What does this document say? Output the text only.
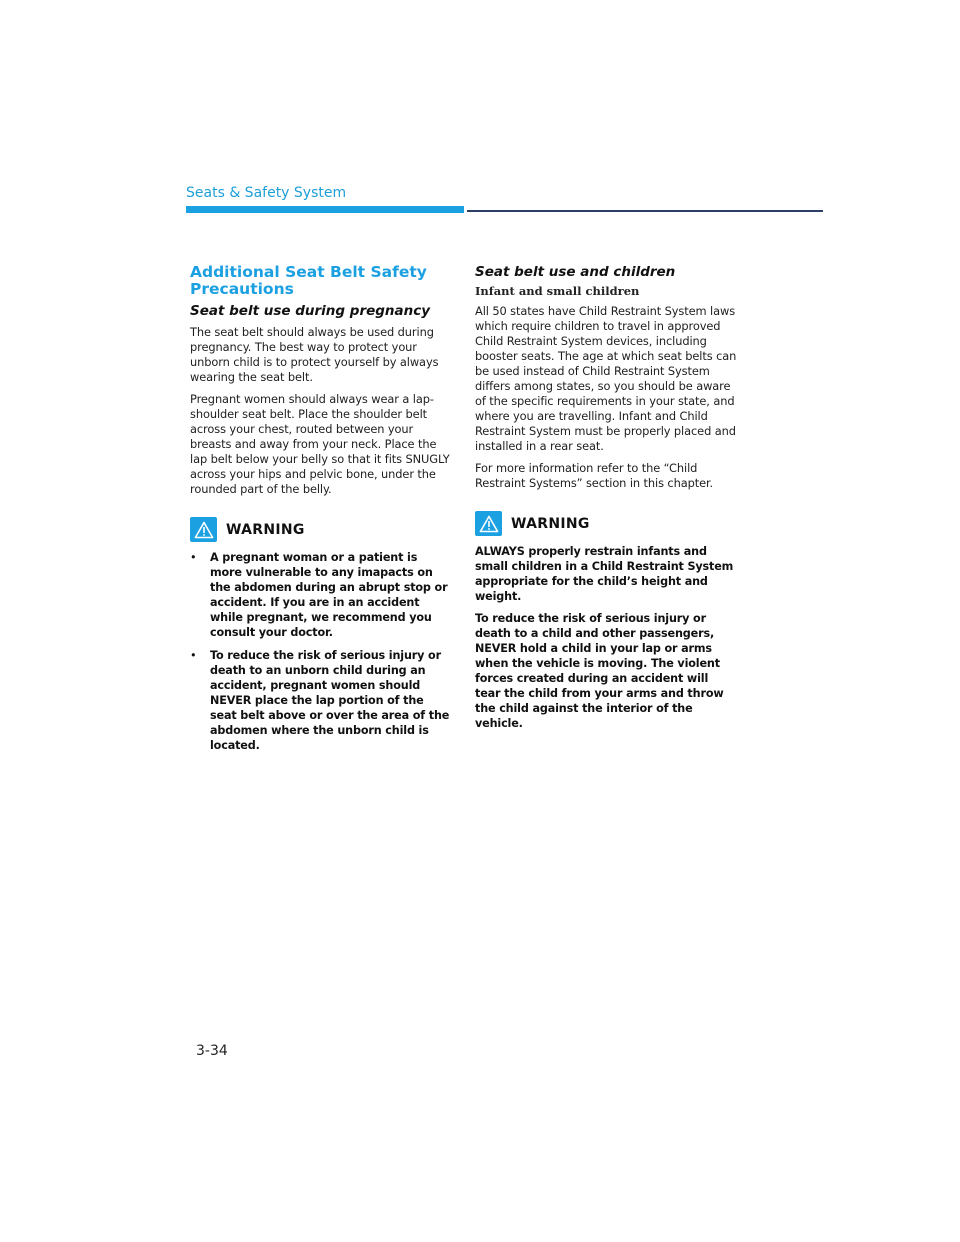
Seats & Safety System
Additional Seat Belt Safety Precautions
Seat belt use during pregnancy

The seat belt should always be used during pregnancy. The best way to protect your unborn child is to protect yourself by always wearing the seat belt.

Pregnant women should always wear a lap-shoulder seat belt. Place the shoulder belt across your chest, routed between your breasts and away from your neck. Place the lap belt below your belly so that it fits SNUGLY across your hips and pelvic bone, under the rounded part of the belly.

WARNING
• A pregnant woman or a patient is more vulnerable to any imapacts on the abdomen during an abrupt stop or accident. If you are in an accident while pregnant, we recommend you consult your doctor.
• To reduce the risk of serious injury or death to an unborn child during an accident, pregnant women should NEVER place the lap portion of the seat belt above or over the area of the abdomen where the unborn child is located.
Seat belt use and children
Infant and small children

All 50 states have Child Restraint System laws which require children to travel in approved Child Restraint System devices, including booster seats. The age at which seat belts can be used instead of Child Restraint System differs among states, so you should be aware of the specific requirements in your state, and where you are travelling. Infant and Child Restraint System must be properly placed and installed in a rear seat.

For more information refer to the “Child Restraint Systems” section in this chapter.

WARNING

ALWAYS properly restrain infants and small children in a Child Restraint System appropriate for the child’s height and weight.

To reduce the risk of serious injury or death to a child and other passengers, NEVER hold a child in your lap or arms when the vehicle is moving. The violent forces created during an accident will tear the child from your arms and throw the child against the interior of the vehicle.

3-34
